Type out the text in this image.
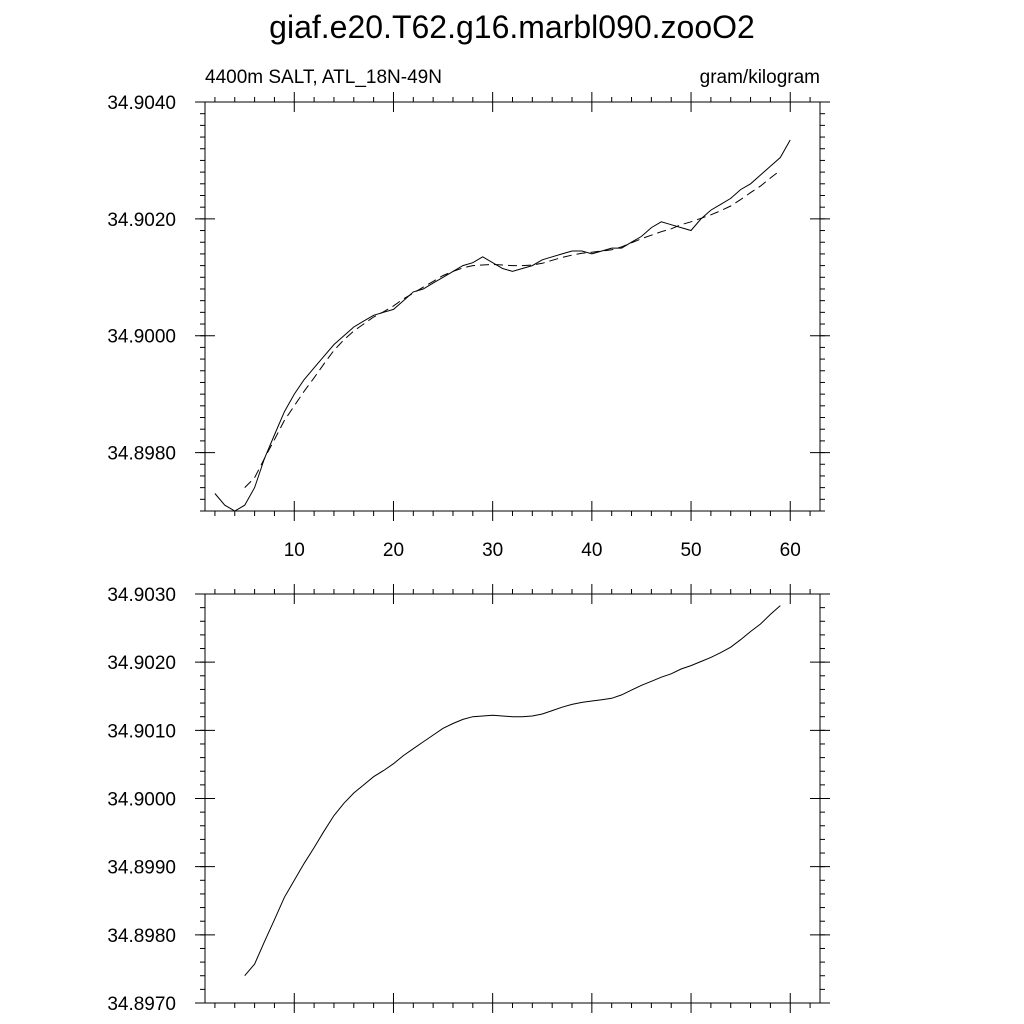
giaf.e20.T62.g16.marbl090.zooO2
4400m SALT, ATL_18N-49N	gram/kilogram
10	20	30	40	50	60
34.9040
34.9020
34.9000
34.8980
34.9030
34.9020
34.9010
34.9000
34.8990
34.8980
34.8970
